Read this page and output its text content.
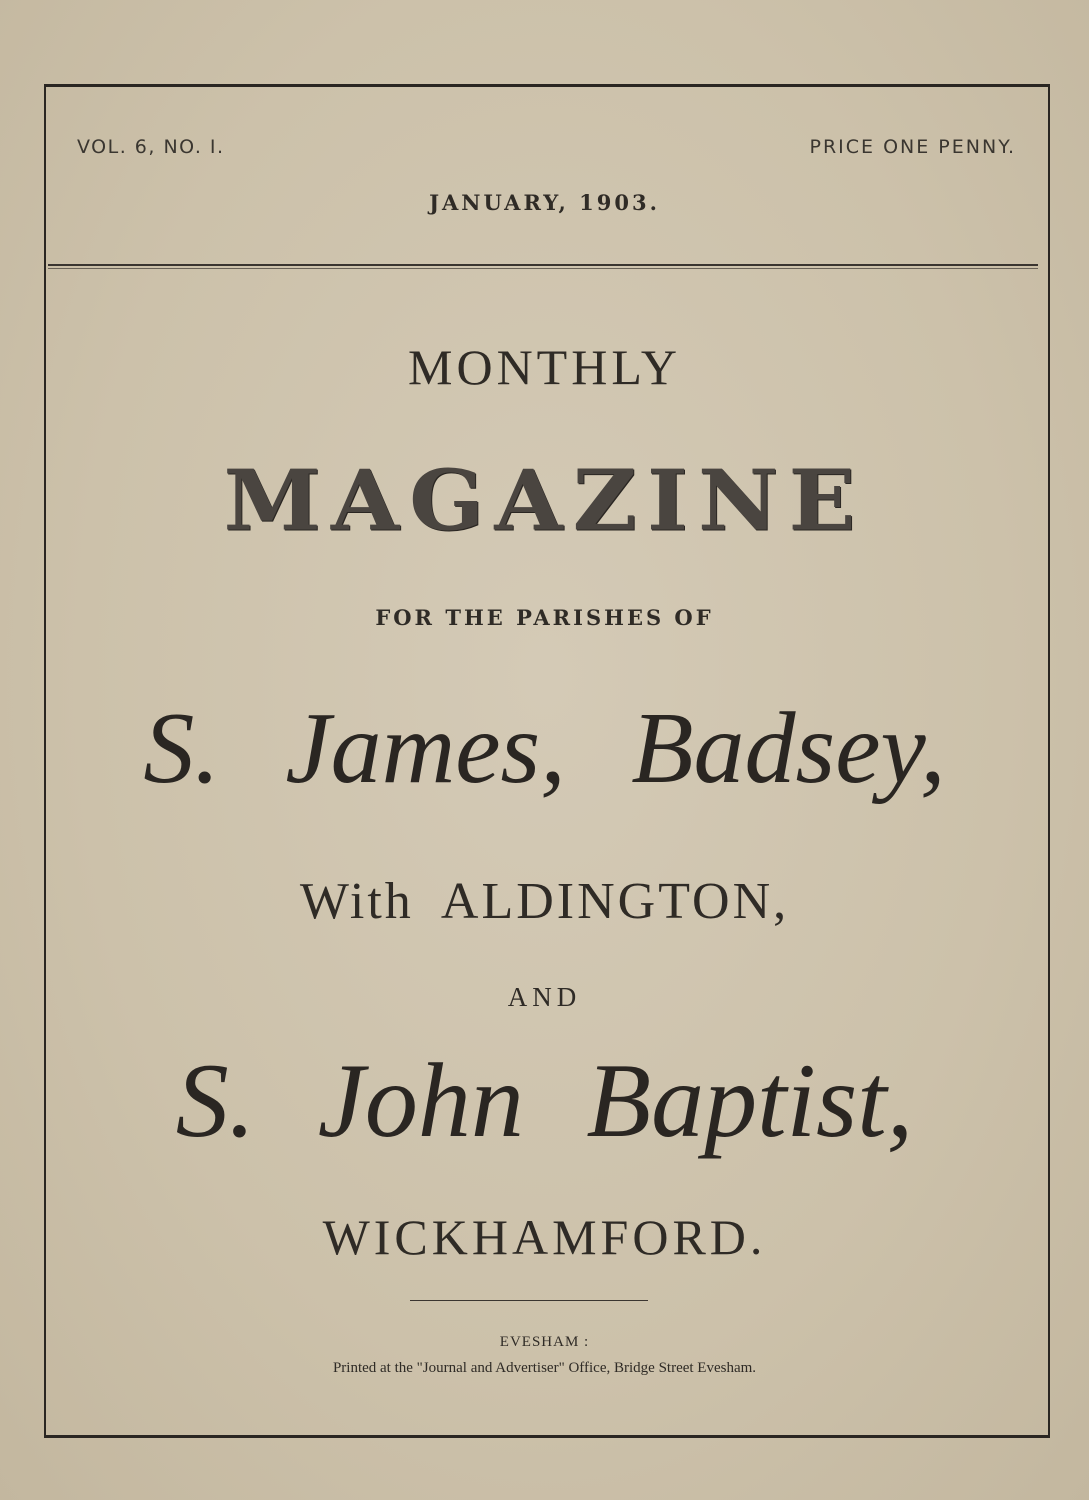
VOL. 6, NO. I.	PRICE ONE PENNY.
JANUARY, 1903.
MONTHLY
MAGAZINE
FOR THE PARISHES OF
S. James, Badsey,
With ALDINGTON,
AND
S. John Baptist,
WICKHAMFORD.
EVESHAM :
Printed at the "Journal and Advertiser" Office, Bridge Street Evesham.
